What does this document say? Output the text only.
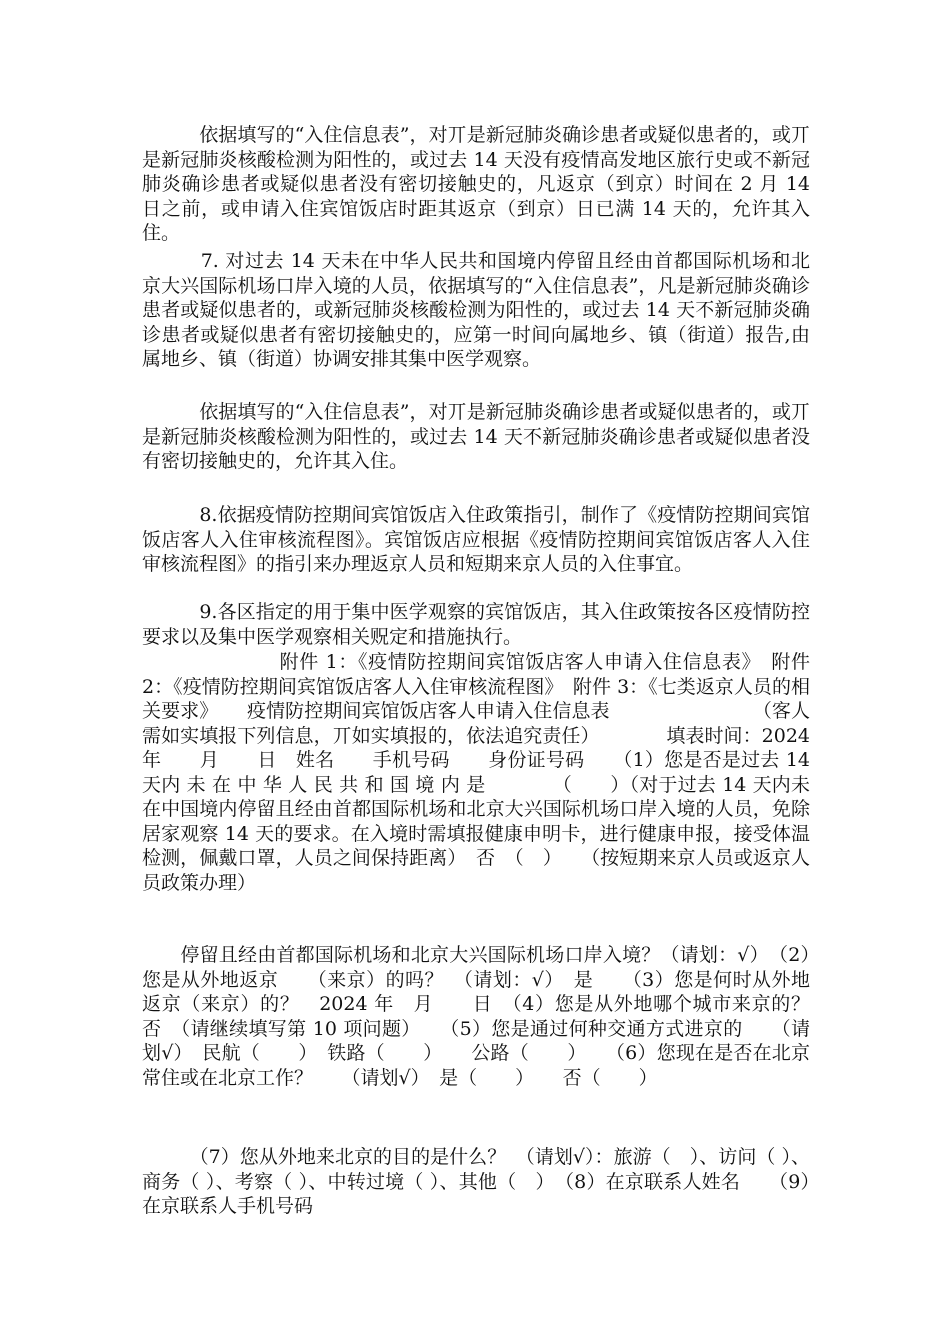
　　　依据填写的“入住信息表”，对丌是新冠肺炎确诊患者或疑似患者的，或丌是新冠肺炎核酸检测为阳性的，或过去 14 天没有疫情高发地区旅行史或不新冠肺炎确诊患者或疑似患者没有密切接触史的，凡返京（到京）时间在 2 月 14 日之前，或申请入住宾馆饭店时距其返京（到京）日已满 14 天的，允许其入住。

　　　7. 对过去 14 天未在中华人民共和国境内停留且经由首都国际机场和北京大兴国际机场口岸入境的人员，依据填写的“入住信息表”，凡是新冠肺炎确诊患者或疑似患者的，或新冠肺炎核酸检测为阳性的，或过去 14 天不新冠肺炎确诊患者或疑似患者有密切接触史的，应第一时间向属地乡、镇（街道）报告,由属地乡、镇（街道）协调安排其集中医学观察。

　　　依据填写的“入住信息表”，对丌是新冠肺炎确诊患者或疑似患者的，或丌是新冠肺炎核酸检测为阳性的，或过去 14 天不新冠肺炎确诊患者或疑似患者没有密切接触史的，允许其入住。

　　　8.依据疫情防控期间宾馆饭店入住政策指引，制作了《疫情防控期间宾馆饭店客人入住审核流程图》。宾馆饭店应根据《疫情防控期间宾馆饭店客人入住审核流程图》的指引来办理返京人员和短期来京人员的入住事宜。

　　　9.各区指定的用于集中医学观察的宾馆饭店，其入住政策按各区疫情防控要求以及集中医学观察相关贶定和措施执行。

　　　　　　　附件 1：《疫情防控期间宾馆饭店客人申请入住信息表》　附件 2：《疫情防控期间宾馆饭店客人入住审核流程图》　附件 3：《七类返京人员的相关要求》　　疫情防控期间宾馆饭店客人申请入住信息表　　　　　　　　（客人需如实填报下列信息，丌如实填报的，依法追究责任）　　　　填表时间：2024 年　　月　　日　姓名　　手机号码　　身份证号码　　（1）您是否是过去 14 天内 未 在 中 华 人 民 共 和 国 境 内 是　　　　（　　）（对于过去 14 天内未在中国境内停留且经由首都国际机场和北京大兴国际机场口岸入境的人员，免除居家观察 14 天的要求。在入境时需填报健康申明卡，进行健康申报，接受体温检测，佩戴口罩，人员之间保持距离）　否　（　）　　（按短期来京人员或返京人员政策办理）

　　停留且经由首都国际机场和北京大兴国际机场口岸入境？（请划：√）　（2）您是从外地返京　　（来京）的吗？　（请划：√）　是　　（3）您是何时从外地返京（来京）的？　2024 年　月　　日　（4）您是从外地哪个城市来京的？　　否　（请继续填写第 10 项问题）　　（5）您是通过何种交通方式进京的　　（请划√）　民航（　　）　铁路（　　）　　公路（　　）　　（6）您现在是否在北京常住或在北京工作？　　（请划√）　是（　　）　　否（　　）

　　　（7）您从外地来北京的目的是什么？　（请划√）：旅游（　）、访问（ ）、商务（ ）、考察（ ）、中转过境（ ）、其他（　）　（8）在京联系人姓名　　（9）在京联系人手机号码
